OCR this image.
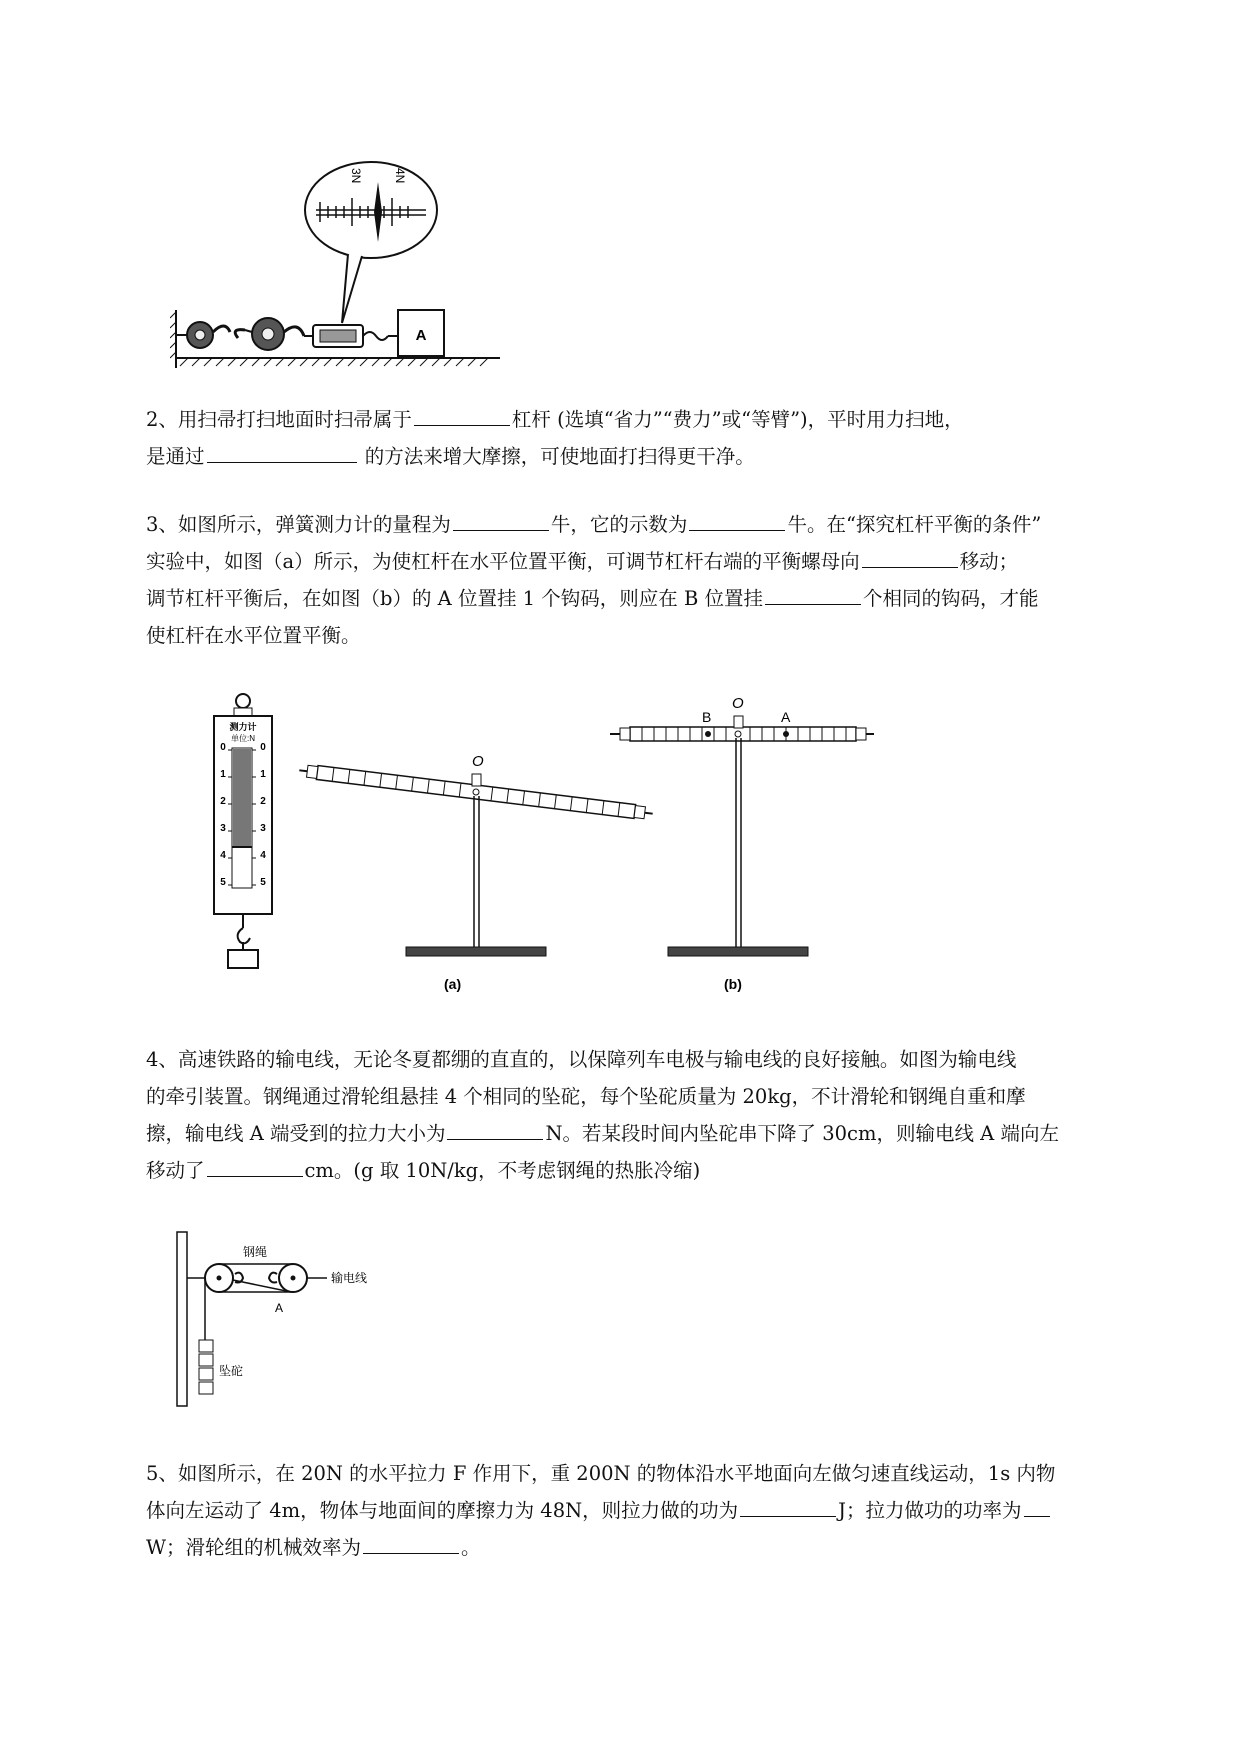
A
3N	4N
2、用扫帚打扫地面时扫帚属于	杠杆 (选填“省力”“费力”或“等臂”)，平时用力扫地，
是通过	的方法来增大摩擦，可使地面打扫得更干净。
3、如图所示，弹簧测力计的量程为	牛，它的示数为	牛。在“探究杠杆平衡的条件”
实验中，如图（a）所示，为使杠杆在水平位置平衡，可调节杠杆右端的平衡螺母向	移动；
调节杠杆平衡后，在如图（b）的 A 位置挂 1 个钩码，则应在 B 位置挂	个相同的钩码，才能
使杠杆在水平位置平衡。
测力计
单位:N
0	0
1	1
2	2
3	3
4	4
5	5
O
(a)
O
B	A
(b)
4、高速铁路的输电线，无论冬夏都绷的直直的，以保障列车电极与输电线的良好接触。如图为输电线
的牵引装置。钢绳通过滑轮组悬挂 4 个相同的坠砣，每个坠砣质量为 20kg，不计滑轮和钢绳自重和摩
擦，输电线 A 端受到的拉力大小为	N。若某段时间内坠砣串下降了 30cm，则输电线 A 端向左
移动了	cm。(g 取 10N/kg，不考虑钢绳的热胀冷缩)
钢绳
输电线
A
坠砣
5、如图所示，在 20N 的水平拉力 F 作用下，重 200N 的物体沿水平地面向左做匀速直线运动，1s 内物
体向左运动了 4m，物体与地面间的摩擦力为 48N，则拉力做的功为	J；拉力做功的功率为
W；滑轮组的机械效率为	。
